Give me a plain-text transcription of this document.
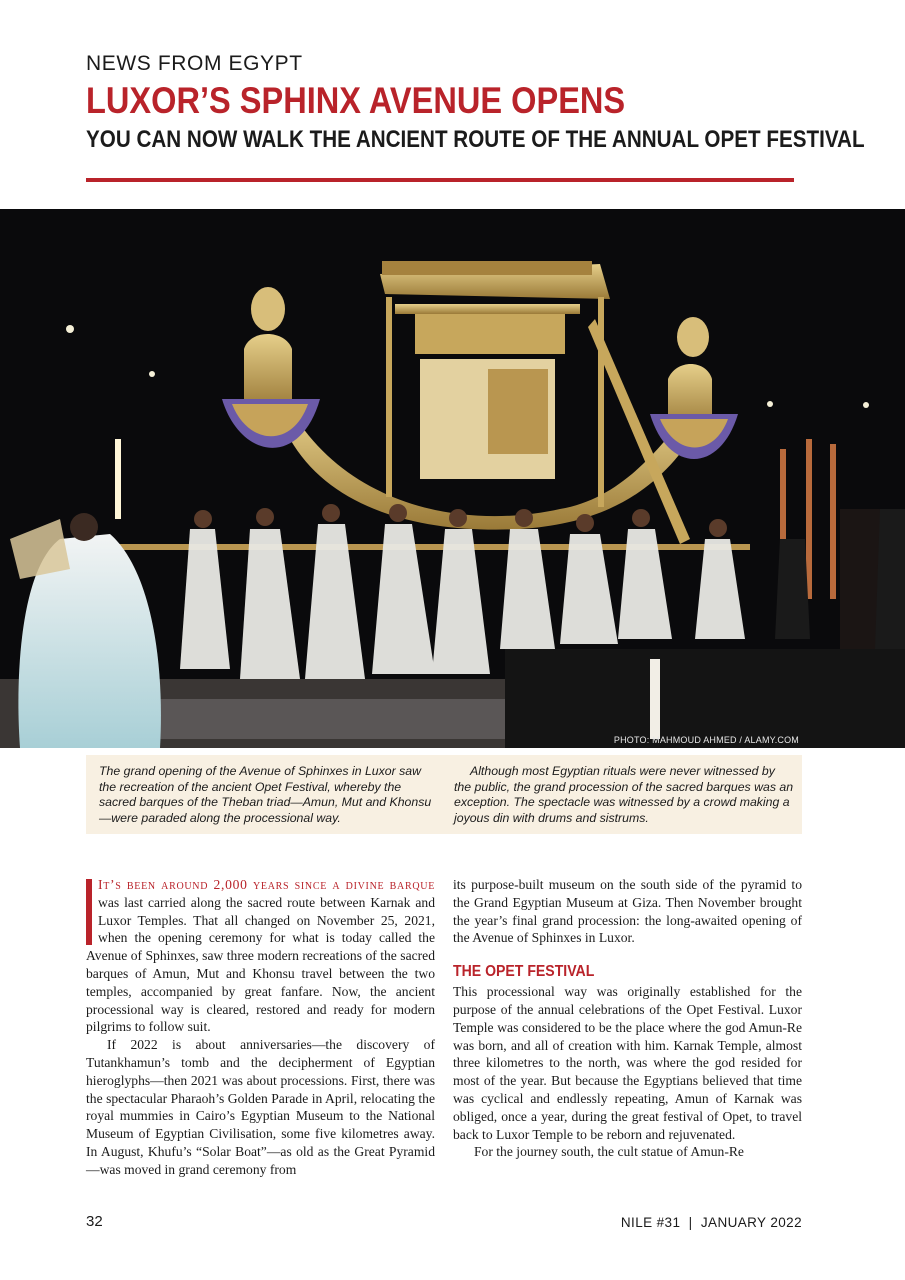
NEWS FROM EGYPT
LUXOR’S SPHINX AVENUE OPENS
YOU CAN NOW WALK THE ANCIENT ROUTE OF THE ANNUAL OPET FESTIVAL
PHOTO: MAHMOUD AHMED / ALAMY.COM
The grand opening of the Avenue of Sphinxes in Luxor saw the recreation of the ancient Opet Festival, whereby the sacred barques of the Theban triad—Amun, Mut and Khonsu—were paraded along the processional way.
Although most Egyptian rituals were never witnessed by the public, the grand procession of the sacred barques was an exception. The spectacle was witnessed by a crowd making a joyous din with drums and sistrums.

It’s been around 2,000 years since a divine barque was last carried along the sacred route between Karnak and Luxor Temples. That all changed on November 25, 2021, when the opening ceremony for what is today called the Avenue of Sphinxes, saw three modern recreations of the sacred barques of Amun, Mut and Khonsu travel between the two temples, accompanied by great fanfare. Now, the ancient processional way is cleared, restored and ready for modern pilgrims to follow suit.

If 2022 is about anniversaries—the discovery of Tutankhamun’s tomb and the decipherment of Egyptian hieroglyphs—then 2021 was about processions. First, there was the spectacular Pharaoh’s Golden Parade in April, relocating the royal mummies in Cairo’s Egyptian Museum to the National Museum of Egyptian Civilisation, some five kilometres away. In August, Khufu’s “Solar Boat”—as old as the Great Pyramid—was moved in grand ceremony from

its purpose-built museum on the south side of the pyramid to the Grand Egyptian Museum at Giza. Then November brought the year’s final grand procession: the long-awaited opening of the Avenue of Sphinxes in Luxor.

THE OPET FESTIVAL

This processional way was originally established for the purpose of the annual celebrations of the Opet Festival. Luxor Temple was considered to be the place where the god Amun-Re was born, and all of creation with him. Karnak Temple, almost three kilometres to the north, was where the god resided for most of the year. But because the Egyptians believed that time was cyclical and endlessly repeating, Amun of Karnak was obliged, once a year, during the great festival of Opet, to travel back to Luxor Temple to be reborn and rejuvenated.

For the journey south, the cult statue of Amun-Re

32	NILE #31  |  JANUARY 2022
